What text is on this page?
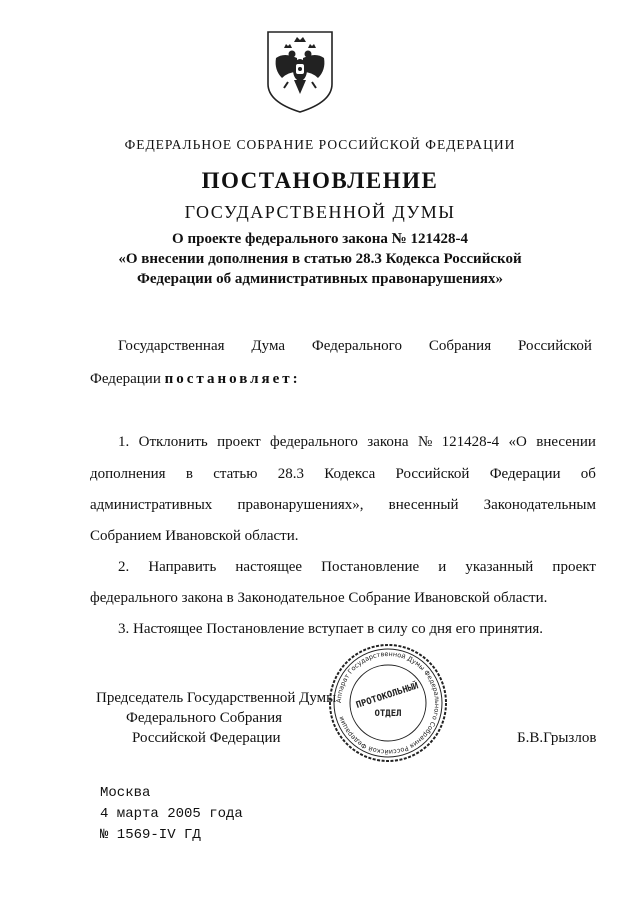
ФЕДЕРАЛЬНОЕ СОБРАНИЕ РОССИЙСКОЙ ФЕДЕРАЦИИ
ПОСТАНОВЛЕНИЕ
ГОСУДАРСТВЕННОЙ ДУМЫ
О проекте федерального закона № 121428-4
«О внесении дополнения в статью 28.3 Кодекса Российской
Федерации об административных правонарушениях»
Государственная Дума Федерального Собрания Российской
Федерации постановляет:
1. Отклонить проект федерального закона № 121428-4 «О внесении
дополнения в статью 28.3 Кодекса Российской Федерации об
административных правонарушениях», внесенный Законодательным
Собранием Ивановской области.
2. Направить настоящее Постановление и указанный проект
федерального закона в Законодательное Собрание Ивановской области.
3. Настоящее Постановление вступает в силу со дня его принятия.
Председатель Государственной Думы
Федерального Собрания
Российской Федерации	Б.В.Грызлов
Аппарат Государственной Думы Федерального Собрания Российской Федерации
ПРОТОКОЛЬНЫЙ
ОТДЕЛ
Москва
4 марта 2005 года
№ 1569-IV ГД
